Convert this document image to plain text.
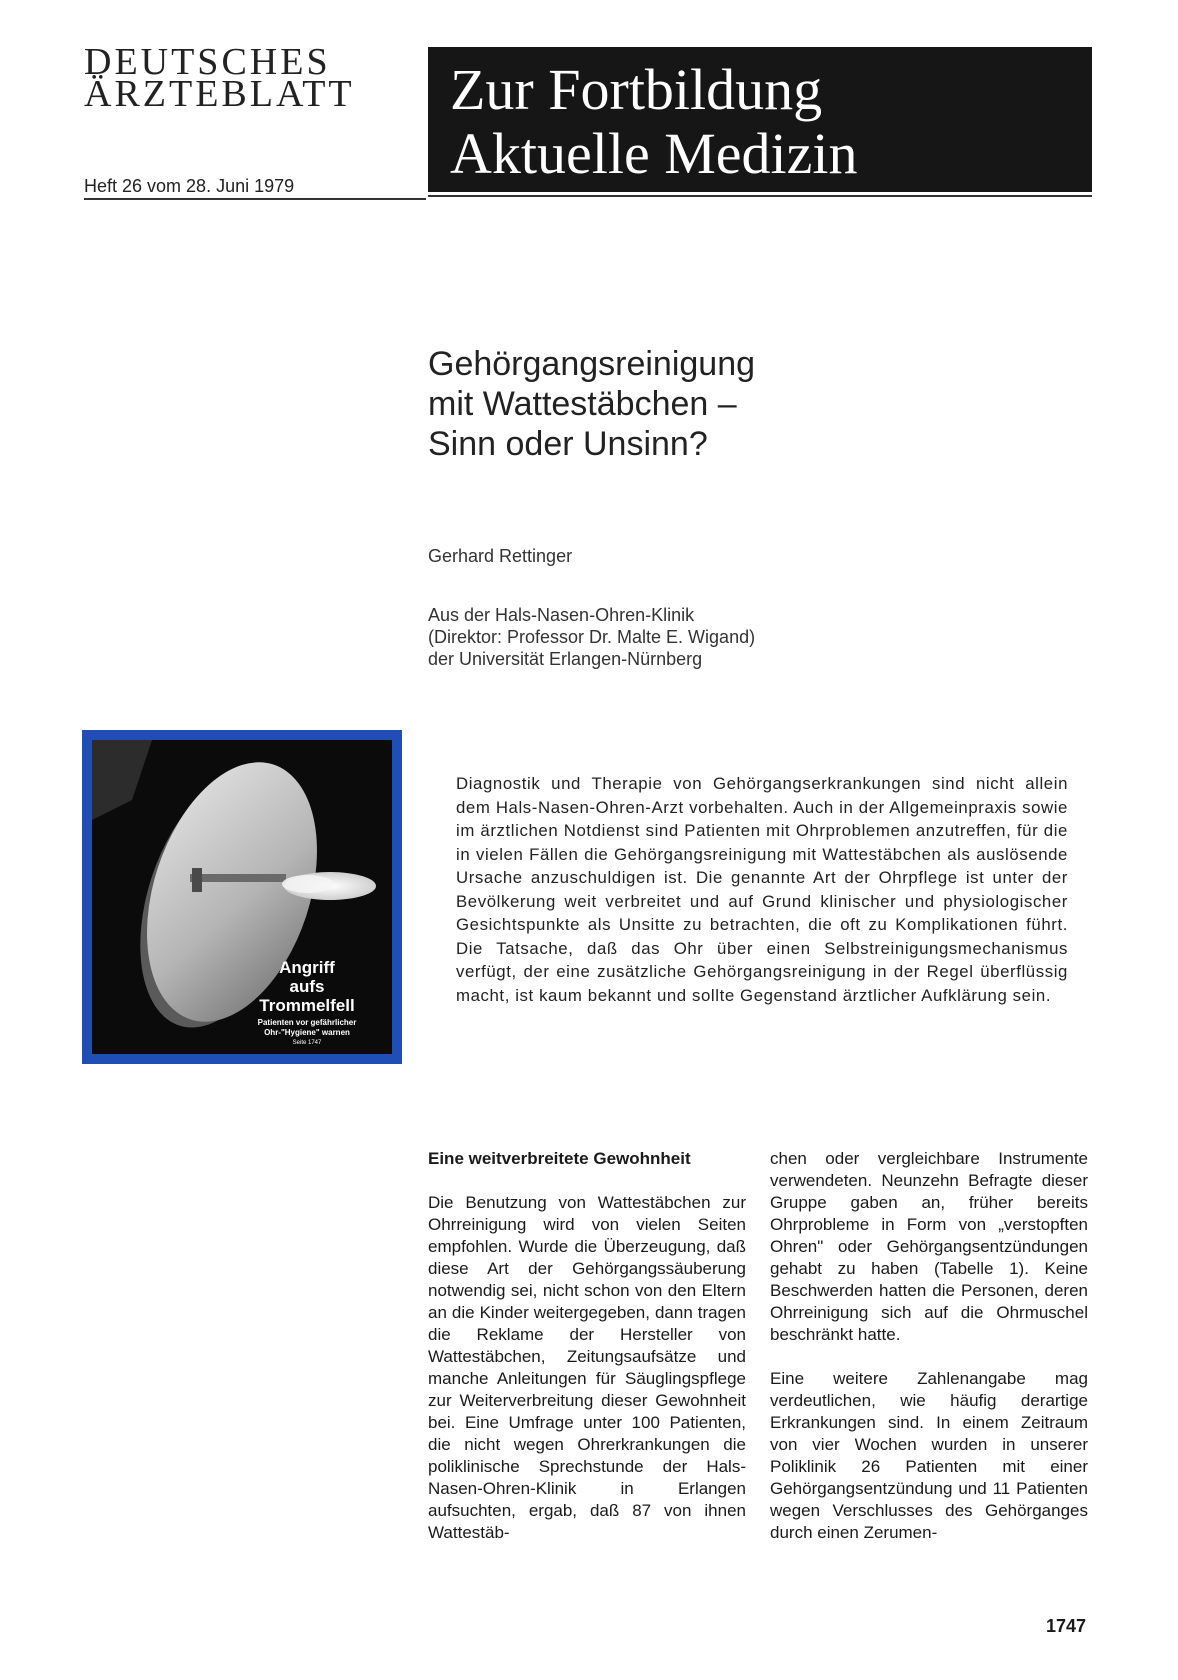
DEUTSCHES
ÄRZTEBLATT
Heft 26 vom 28. Juni 1979
Zur Fortbildung
Aktuelle Medizin
Gehörgangsreinigung
mit Wattestäbchen –
Sinn oder Unsinn?
Gerhard Rettinger
Aus der Hals-Nasen-Ohren-Klinik
(Direktor: Professor Dr. Malte E. Wigand)
der Universität Erlangen-Nürnberg
Angriff
aufs
Trommelfell
Patienten vor gefährlicher
Ohr-"Hygiene" warnen
Seite 1747
Diagnostik und Therapie von Gehörgangserkrankungen sind nicht allein dem Hals-Nasen-Ohren-Arzt vorbehalten. Auch in der Allgemeinpraxis sowie im ärztlichen Notdienst sind Patienten mit Ohrproblemen anzutreffen, für die in vielen Fällen die Gehörgangsreinigung mit Wattestäbchen als auslösende Ursache anzuschuldigen ist. Die genannte Art der Ohrpflege ist unter der Bevölkerung weit verbreitet und auf Grund klinischer und physiologischer Gesichtspunkte als Unsitte zu betrachten, die oft zu Komplikationen führt. Die Tatsache, daß das Ohr über einen Selbstreinigungsmechanismus verfügt, der eine zusätzliche Gehörgangsreinigung in der Regel überflüssig macht, ist kaum bekannt und sollte Gegenstand ärztlicher Aufklärung sein.
Eine weitverbreitete Gewohnheit
Die Benutzung von Wattestäbchen zur Ohrreinigung wird von vielen Seiten empfohlen. Wurde die Überzeugung, daß diese Art der Gehörgangssäuberung notwendig sei, nicht schon von den Eltern an die Kinder weitergegeben, dann tragen die Reklame der Hersteller von Wattestäbchen, Zeitungsaufsätze und manche Anleitungen für Säuglingspflege zur Weiterverbreitung dieser Gewohnheit bei. Eine Umfrage unter 100 Patienten, die nicht wegen Ohrerkrankungen die poliklinische Sprechstunde der Hals-Nasen-Ohren-Klinik in Erlangen aufsuchten, ergab, daß 87 von ihnen Wattestäb-
chen oder vergleichbare Instrumente verwendeten. Neunzehn Befragte dieser Gruppe gaben an, früher bereits Ohrprobleme in Form von „verstopften Ohren" oder Gehörgangsentzündungen gehabt zu haben (Tabelle 1). Keine Beschwerden hatten die Personen, deren Ohrreinigung sich auf die Ohrmuschel beschränkt hatte.
Eine weitere Zahlenangabe mag verdeutlichen, wie häufig derartige Erkrankungen sind. In einem Zeitraum von vier Wochen wurden in unserer Poliklinik 26 Patienten mit einer Gehörgangsentzündung und 11 Patienten wegen Verschlusses des Gehörganges durch einen Zerumen-
1747
